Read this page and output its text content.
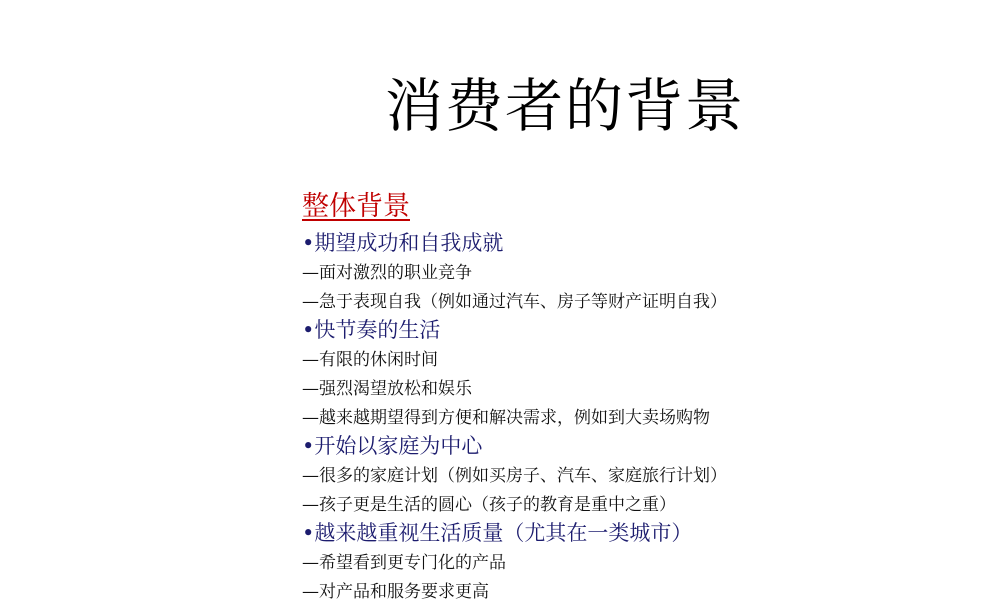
消费者的背景
整体背景
•期望成功和自我成就
—面对激烈的职业竞争
—急于表现自我（例如通过汽车、房子等财产证明自我）
•快节奏的生活
—有限的休闲时间
—强烈渴望放松和娱乐
—越来越期望得到方便和解决需求，例如到大卖场购物
•开始以家庭为中心
—很多的家庭计划（例如买房子、汽车、家庭旅行计划）
—孩子更是生活的圆心（孩子的教育是重中之重）
•越来越重视生活质量（尤其在一类城市）
—希望看到更专门化的产品
—对产品和服务要求更高
